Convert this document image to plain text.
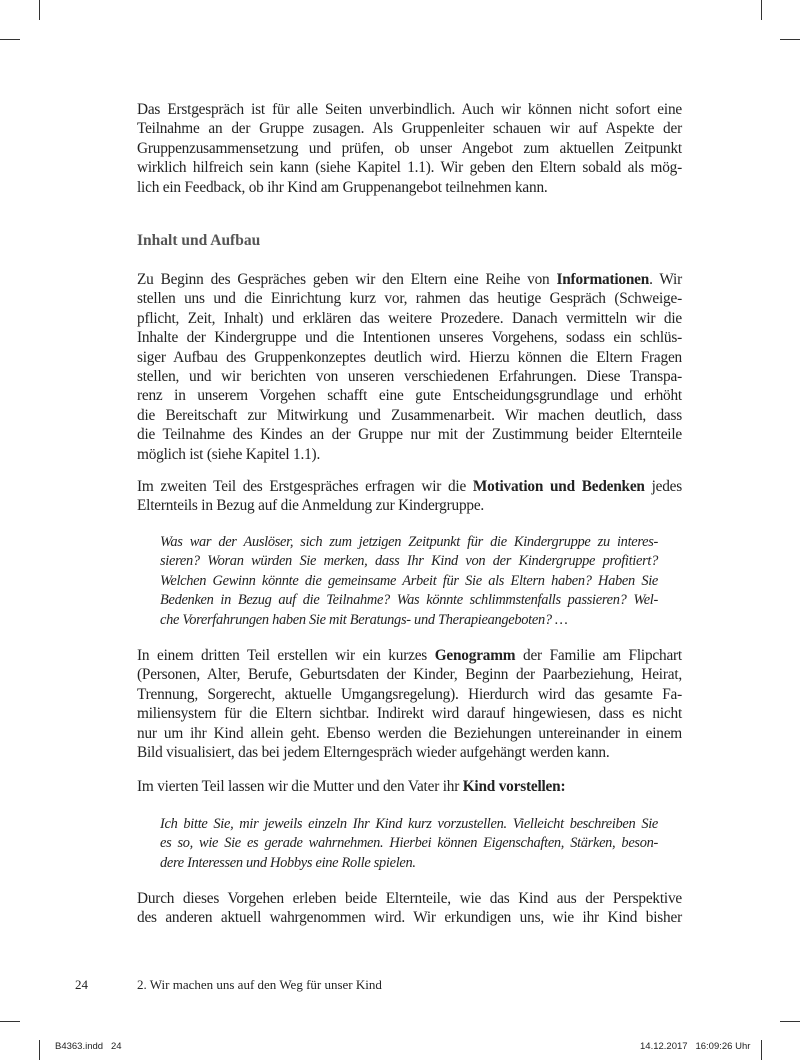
Das Erstgespräch ist für alle Seiten unverbindlich. Auch wir können nicht sofort eine
Teilnahme an der Gruppe zusagen. Als Gruppenleiter schauen wir auf Aspekte der
Gruppenzusammensetzung und prüfen, ob unser Angebot zum aktuellen Zeitpunkt
wirklich hilfreich sein kann (siehe Kapitel 1.1). Wir geben den Eltern sobald als mög-
lich ein Feedback, ob ihr Kind am Gruppenangebot teilnehmen kann.
Inhalt und Aufbau
Zu Beginn des Gespräches geben wir den Eltern eine Reihe von Informationen. Wir
stellen uns und die Einrichtung kurz vor, rahmen das heutige Gespräch (Schweige-
pflicht, Zeit, Inhalt) und erklären das weitere Prozedere. Danach vermitteln wir die
Inhalte der Kindergruppe und die Intentionen unseres Vorgehens, sodass ein schlüs-
siger Aufbau des Gruppenkonzeptes deutlich wird. Hierzu können die Eltern Fragen
stellen, und wir berichten von unseren verschiedenen Erfahrungen. Diese Transpa-
renz in unserem Vorgehen schafft eine gute Entscheidungsgrundlage und erhöht
die Bereitschaft zur Mitwirkung und Zusammenarbeit. Wir machen deutlich, dass
die Teilnahme des Kindes an der Gruppe nur mit der Zustimmung beider Elternteile
möglich ist (siehe Kapitel 1.1).
Im zweiten Teil des Erstgespräches erfragen wir die Motivation und Bedenken jedes
Elternteils in Bezug auf die Anmeldung zur Kindergruppe.
Was war der Auslöser, sich zum jetzigen Zeitpunkt für die Kindergruppe zu interes-
sieren? Woran würden Sie merken, dass Ihr Kind von der Kindergruppe profitiert?
Welchen Gewinn könnte die gemeinsame Arbeit für Sie als Eltern haben? Haben Sie
Bedenken in Bezug auf die Teilnahme? Was könnte schlimmstenfalls passieren? Wel-
che Vorerfahrungen haben Sie mit Beratungs- und Therapieangeboten? …
In einem dritten Teil erstellen wir ein kurzes Genogramm der Familie am Flipchart
(Personen, Alter, Berufe, Geburtsdaten der Kinder, Beginn der Paarbeziehung, Heirat,
Trennung, Sorgerecht, aktuelle Umgangsregelung). Hierdurch wird das gesamte Fa-
miliensystem für die Eltern sichtbar. Indirekt wird darauf hingewiesen, dass es nicht
nur um ihr Kind allein geht. Ebenso werden die Beziehungen untereinander in einem
Bild visualisiert, das bei jedem Elterngespräch wieder aufgehängt werden kann.
Im vierten Teil lassen wir die Mutter und den Vater ihr Kind vorstellen:
Ich bitte Sie, mir jeweils einzeln Ihr Kind kurz vorzustellen. Vielleicht beschreiben Sie
es so, wie Sie es gerade wahrnehmen. Hierbei können Eigenschaften, Stärken, beson-
dere Interessen und Hobbys eine Rolle spielen.
Durch dieses Vorgehen erleben beide Elternteile, wie das Kind aus der Perspektive
des anderen aktuell wahrgenommen wird. Wir erkundigen uns, wie ihr Kind bisher
24	2. Wir machen uns auf den Weg für unser Kind
B4363.indd   24	14.12.2017   16:09:26 Uhr
